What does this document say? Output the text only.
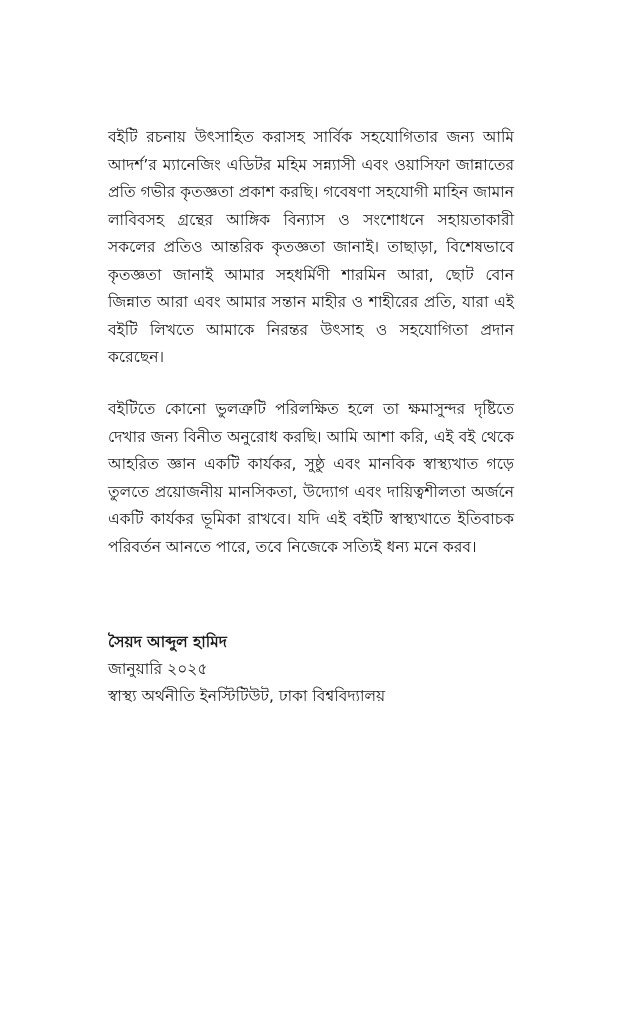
বইটি রচনায় উৎসাহিত করাসহ সার্বিক সহযোগিতার জন্য আমি আদর্শ’র ম্যানেজিং এডিটর মহিম সন্ন্যাসী এবং ওয়াসিফা জান্নাতের প্রতি গভীর কৃতজ্ঞতা প্রকাশ করছি। গবেষণা সহযোগী মাহিন জামান লাবিবসহ গ্রন্থের আঙ্গিক বিন্যাস ও সংশোধনে সহায়তাকারী সকলের প্রতিও আন্তরিক কৃতজ্ঞতা জানাই। তাছাড়া, বিশেষভাবে কৃতজ্ঞতা জানাই আমার সহধর্মিণী শারমিন আরা, ছোট বোন জিন্নাত আরা এবং আমার সন্তান মাহীর ও শাহীরের প্রতি, যারা এই বইটি লিখতে আমাকে নিরন্তর উৎসাহ ও সহযোগিতা প্রদান করেছেন।

বইটিতে কোনো ভুলত্রুটি পরিলক্ষিত হলে তা ক্ষমাসুন্দর দৃষ্টিতে দেখার জন্য বিনীত অনুরোধ করছি। আমি আশা করি, এই বই থেকে আহরিত জ্ঞান একটি কার্যকর, সুষ্ঠু এবং মানবিক স্বাস্থ্যখাত গড়ে তুলতে প্রয়োজনীয় মানসিকতা, উদ্যোগ এবং দায়িত্বশীলতা অর্জনে একটি কার্যকর ভূমিকা রাখবে। যদি এই বইটি স্বাস্থ্যখাতে ইতিবাচক পরিবর্তন আনতে পারে, তবে নিজেকে সত্যিই ধন্য মনে করব।

সৈয়দ আব্দুল হামিদ
জানুয়ারি ২০২৫
স্বাস্থ্য অর্থনীতি ইনস্টিটিউট, ঢাকা বিশ্ববিদ্যালয়
